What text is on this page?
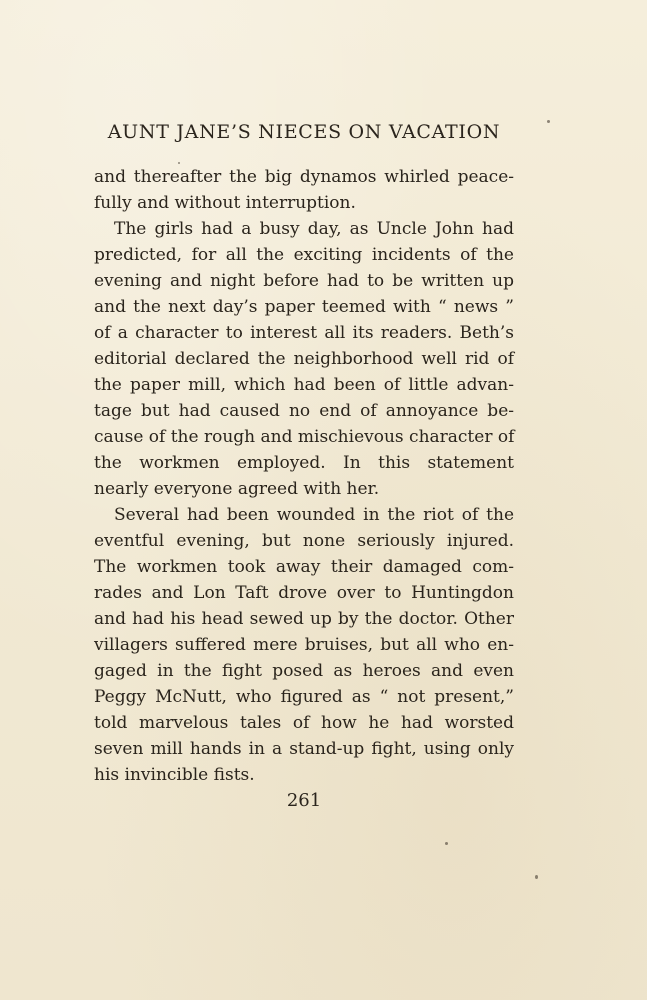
AUNT JANE’S NIECES ON VACATION
and thereafter the big dynamos whirled peace-
fully and without interruption.
The girls had a busy day, as Uncle John had
predicted, for all the exciting incidents of the
evening and night before had to be written up
and the next day’s paper teemed with “ news ”
of a character to interest all its readers. Beth’s
editorial declared the neighborhood well rid of
the paper mill, which had been of little advan-
tage but had caused no end of annoyance be-
cause of the rough and mischievous character of
the workmen employed. In this statement
nearly everyone agreed with her.
Several had been wounded in the riot of the
eventful evening, but none seriously injured.
The workmen took away their damaged com-
rades and Lon Taft drove over to Huntingdon
and had his head sewed up by the doctor. Other
villagers suffered mere bruises, but all who en-
gaged in the fight posed as heroes and even
Peggy McNutt, who figured as “ not present,”
told marvelous tales of how he had worsted
seven mill hands in a stand-up fight, using only
his invincible fists.
261
